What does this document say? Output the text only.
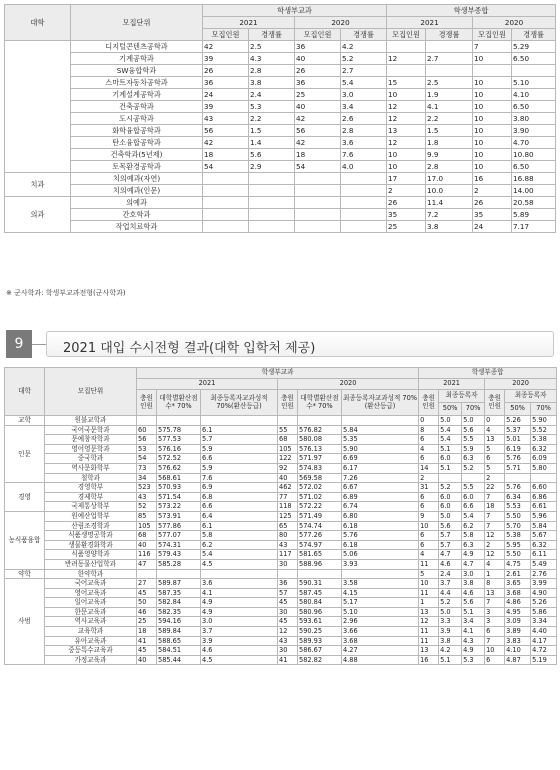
대학	모집단위	학생부교과				학생부종합			
		2021		2020		2021		2020	
		모집인원	경쟁률	모집인원	경쟁률	모집인원	경쟁률	모집인원	경쟁률
	디지털콘텐츠공학과	42	2.5	36	4.2			7	5.29
	기계공학과	39	4.3	40	5.2	12	2.7	10	6.50
	SW융합학과	26	2.8	26	2.7				
	스마트자동차공학과	36	3.8	36	5.4	15	2.5	10	5.10
	기계설계공학과	24	2.4	25	3.0	10	1.9	10	4.10
	건축공학과	39	5.3	40	3.4	12	4.1	10	6.50
	도시공학과	43	2.2	42	2.6	12	2.2	10	3.80
	화학융합공학과	56	1.5	56	2.8	13	1.5	10	3.90
	탄소융합공학과	42	1.4	42	3.6	12	1.8	10	4.70
	건축학과(5년제)	18	5.6	18	7.6	10	9.9	10	10.80
	토목환경공학과	54	2.9	54	4.0	10	2.8	10	6.50
치과	치의예과(자연)					17	17.0	16	16.88
	치의예과(인문)					2	10.0	2	14.00
의과	의예과					26	11.4	26	20.58
	간호학과					35	7.2	35	5.89
	작업치료학과					25	3.8	24	7.17
※ 군사학과: 학생부교과전형(군사학과)
9	2021 대입 수시전형 결과(대학 입학처 제공)
대학	모집단위	학생부교과						학생부종합					
		2021			2020			2021			2020		
		충원인원	대학별환산점수* 70%	최종등록자교과성적 70%(환산등급)	충원인원	대학별환산점수* 70%	최종등록자교과성적 70%(환산등급)	충원인원	최종등록자		충원인원	최종등록자	
									50%	70%		50%	70%
교학	원불교학과							0	5.0	5.0	0	5.26	5.90
인문	국어국문학과	60	575.78	6.1	55	576.82	5.84	8	5.4	5.6	4	5.37	5.52
	문예창작학과	56	577.53	5.7	68	580.08	5.35	6	5.4	5.5	13	5.01	5.38
	영어영문학과	53	576.16	5.9	105	576.13	5.90	4	5.1	5.9	5	6.19	6.32
	중국학과	54	572.52	6.6	122	571.97	6.69	6	6.0	6.3	6	5.76	6.09
	역사문화학부	73	576.62	5.9	92	574.83	6.17	14	5.1	5.2	5	5.71	5.80
	철학과	34	568.61	7.6	40	569.58	7.26	2			2		
경영	경영학부	523	570.93	6.9	462	572.02	6.67	31	5.2	5.5	22	5.76	6.60
	경제학부	43	571.54	6.8	77	571.02	6.89	6	6.0	6.0	7	6.34	6.86
	국제통상학부	52	573.22	6.6	118	572.22	6.74	6	6.0	6.6	18	5.53	6.61
농식품융합	원예산업학부	85	573.91	6.4	125	571.49	6.80	9	5.0	5.4	7	5.50	5.96
	산림조경학과	105	577.86	6.1	65	574.74	6.18	10	5.6	6.2	7	5.70	5.84
	식품생명공학과	68	577.07	5.8	80	577.26	5.76	6	5.7	5.8	12	5.38	5.67
	생물환경화학과	40	574.31	6.2	43	574.97	6.18	6	5.7	6.3	2	5.95	6.32
	식품영양학과	116	579.43	5.4	117	581.65	5.06	4	4.7	4.9	12	5.50	6.11
	반려동물산업학과	47	585.28	4.5	30	588.96	3.93	11	4.6	4.7	4	4.75	5.49
약학	한약학과							5	2.4	3.0	1	2.61	2.76
사범	국어교육과	27	589.87	3.6	36	590.31	3.58	10	3.7	3.8	8	3.65	3.99
	영어교육과	45	587.35	4.1	57	587.45	4.15	11	4.4	4.6	13	3.68	4.90
	일어교육과	50	582.84	4.9	45	580.84	5.17	1	5.2	5.6	7	4.86	5.26
	한문교육과	46	582.35	4.9	30	580.96	5.10	13	5.0	5.1	3	4.95	5.86
	역사교육과	25	594.16	3.0	45	593.61	2.96	12	3.3	3.4	3	3.09	3.34
	교육학과	18	589.84	3.7	12	590.25	3.66	11	3.9	4.1	6	3.89	4.40
	유아교육과	41	588.65	3.9	43	589.93	3.68	11	3.8	4.3	7	3.83	4.17
	중등특수교육과	45	584.51	4.6	30	586.67	4.27	13	4.2	4.9	10	4.10	4.72
	가정교육과	40	585.44	4.5	41	582.82	4.88	16	5.1	5.3	6	4.87	5.19
